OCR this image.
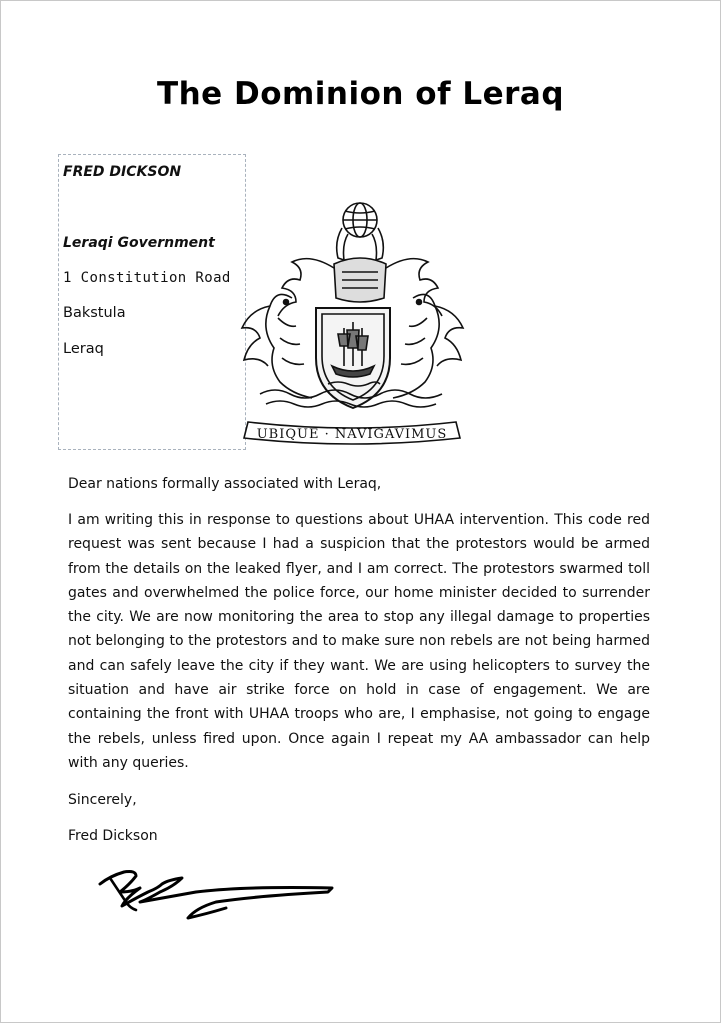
The Dominion of Leraq
FRED DICKSON
Leraqi Government
1 Constitution Road
Bakstula
Leraq
UBIQUE · NAVIGAVIMUS
Dear nations formally associated with Leraq,
I am writing this in response to questions about UHAA intervention. This code red request was sent because I had a suspicion that the protestors would be armed from the details on the leaked flyer, and I am correct. The protestors swarmed toll gates and overwhelmed the police force, our home minister decided to surrender the city. We are now monitoring the area to stop any illegal damage to properties not belonging to the protestors and to make sure non rebels are not being harmed and can safely leave the city if they want. We are using helicopters to survey the situation and have air strike force on hold in case of engagement. We are containing the front with UHAA troops who are, I emphasise, not going to engage the rebels, unless fired upon. Once again I repeat my AA ambassador can help with any queries.
Sincerely,
Fred Dickson
